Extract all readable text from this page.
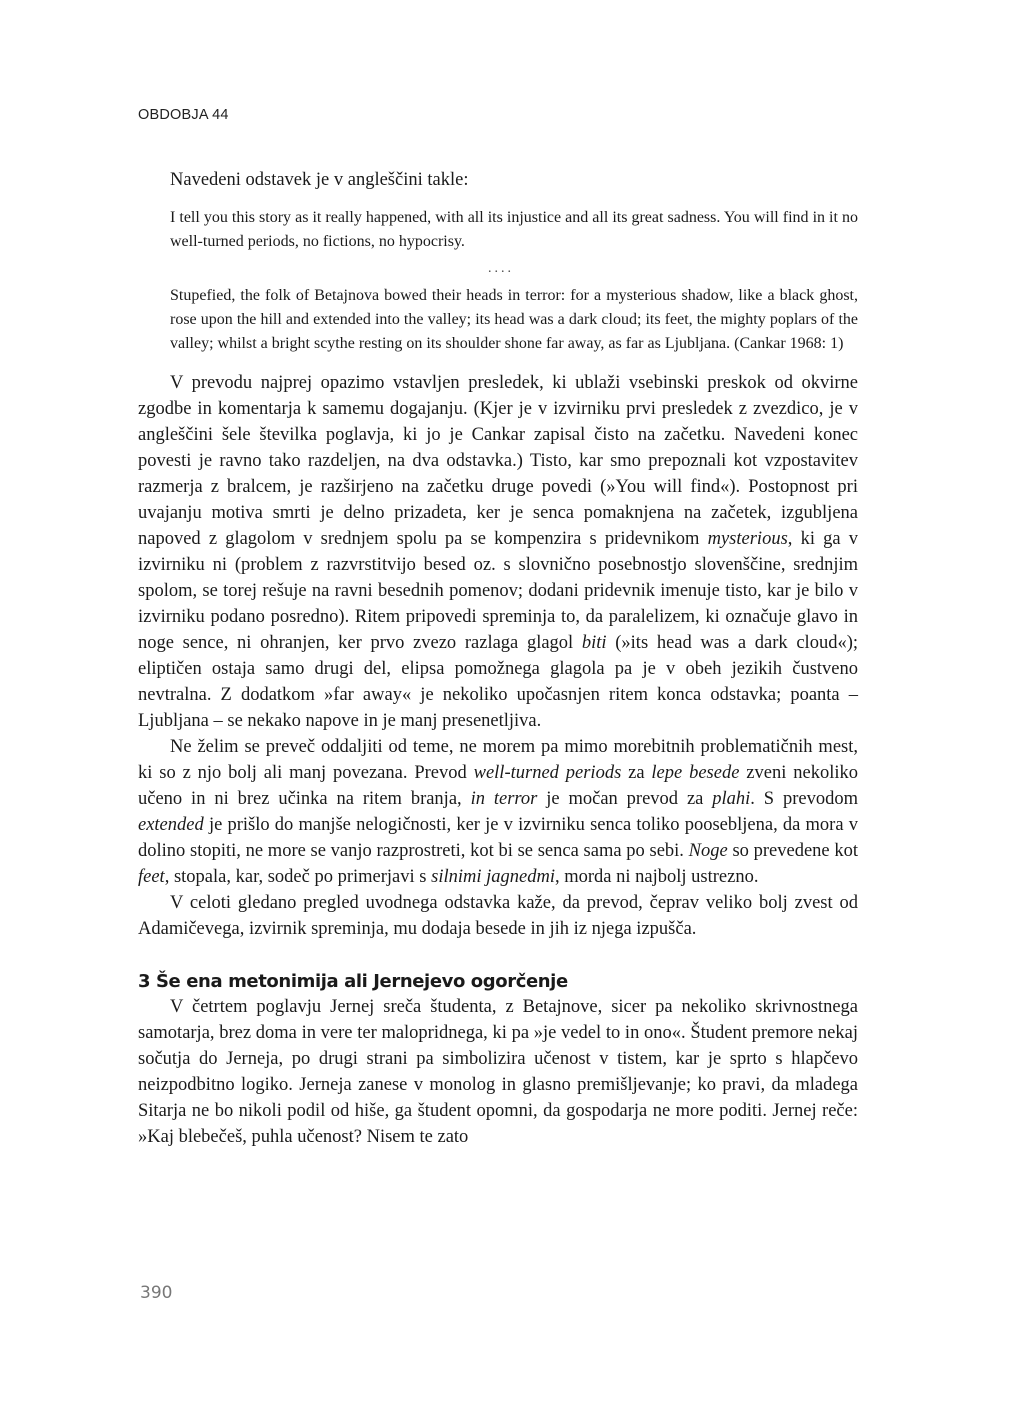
OBDOBJA 44

Navedeni odstavek je v angleščini takle:

I tell you this story as it really happened, with all its injustice and all its great sadness. You will find in it no well-turned periods, no fictions, no hypocrisy.

....

Stupefied, the folk of Betajnova bowed their heads in terror: for a mysterious shadow, like a black ghost, rose upon the hill and extended into the valley; its head was a dark cloud; its feet, the mighty poplars of the valley; whilst a bright scythe resting on its shoulder shone far away, as far as Ljubljana. (Cankar 1968: 1)

V prevodu najprej opazimo vstavljen presledek, ki ublaži vsebinski preskok od okvirne zgodbe in komentarja k samemu dogajanju. (Kjer je v izvirniku prvi presledek z zvezdico, je v angleščini šele številka poglavja, ki jo je Cankar zapisal čisto na začetku. Navedeni konec povesti je ravno tako razdeljen, na dva odstavka.) Tisto, kar smo prepoznali kot vzpostavitev razmerja z bralcem, je razširjeno na začetku druge povedi (»You will find«). Postopnost pri uvajanju motiva smrti je delno prizadeta, ker je senca pomaknjena na začetek, izgubljena napoved z glagolom v srednjem spolu pa se kompenzira s pridevnikom mysterious, ki ga v izvirniku ni (problem z razvrstitvijo besed oz. s slovnično posebnostjo slovenščine, srednjim spolom, se torej rešuje na ravni besednih pomenov; dodani pridevnik imenuje tisto, kar je bilo v izvirniku podano posredno). Ritem pripovedi spreminja to, da paralelizem, ki označuje glavo in noge sence, ni ohranjen, ker prvo zvezo razlaga glagol biti (»its head was a dark cloud«); eliptičen ostaja samo drugi del, elipsa pomožnega glagola pa je v obeh jezikih čustveno nevtralna. Z dodatkom »far away« je nekoliko upočasnjen ritem konca odstavka; poanta – Ljubljana – se nekako napove in je manj presenetljiva.

Ne želim se preveč oddaljiti od teme, ne morem pa mimo morebitnih problematičnih mest, ki so z njo bolj ali manj povezana. Prevod well-turned periods za lepe besede zveni nekoliko učeno in ni brez učinka na ritem branja, in terror je močan prevod za plahi. S prevodom extended je prišlo do manjše nelogičnosti, ker je v izvirniku senca toliko poosebljena, da mora v dolino stopiti, ne more se vanjo razprostreti, kot bi se senca sama po sebi. Noge so prevedene kot feet, stopala, kar, sodeč po primerjavi s silnimi jagnedmi, morda ni najbolj ustrezno.

V celoti gledano pregled uvodnega odstavka kaže, da prevod, čeprav veliko bolj zvest od Adamičevega, izvirnik spreminja, mu dodaja besede in jih iz njega izpušča.

3 Še ena metonimija ali Jernejevo ogorčenje

V četrtem poglavju Jernej sreča študenta, z Betajnove, sicer pa nekoliko skrivnostnega samotarja, brez doma in vere ter malopridnega, ki pa »je vedel to in ono«. Študent premore nekaj sočutja do Jerneja, po drugi strani pa simbolizira učenost v tistem, kar je sprto s hlapčevo neizpodbitno logiko. Jerneja zanese v monolog in glasno premišljevanje; ko pravi, da mladega Sitarja ne bo nikoli podil od hiše, ga študent opomni, da gospodarja ne more poditi. Jernej reče: »Kaj blebečeš, puhla učenost? Nisem te zato

390
